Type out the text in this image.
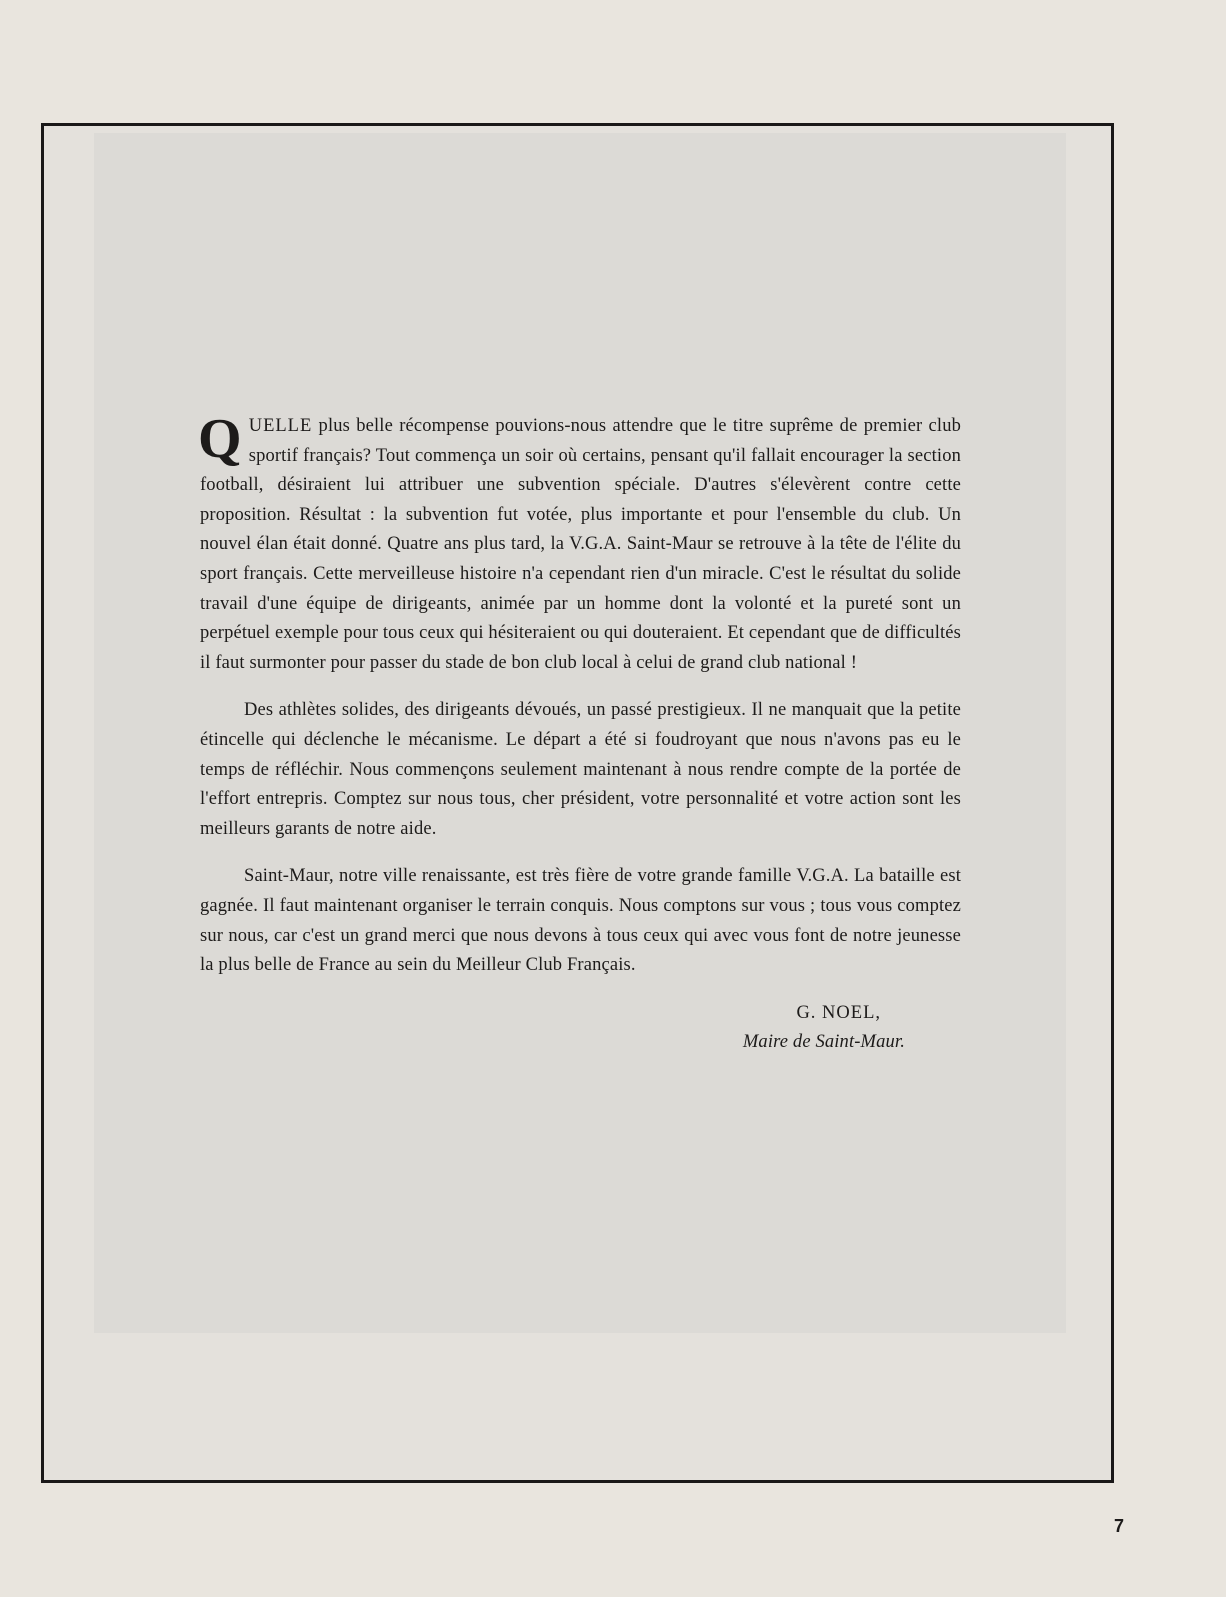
QUELLE plus belle récompense pouvions-nous attendre que le titre suprême de premier club sportif français? Tout commença un soir où certains, pensant qu'il fallait encourager la section football, désiraient lui attribuer une subvention spéciale. D'autres s'élevèrent contre cette proposition. Résultat : la subvention fut votée, plus importante et pour l'ensemble du club. Un nouvel élan était donné. Quatre ans plus tard, la V.G.A. Saint-Maur se retrouve à la tête de l'élite du sport français. Cette merveilleuse histoire n'a cependant rien d'un miracle. C'est le résultat du solide travail d'une équipe de dirigeants, animée par un homme dont la volonté et la pureté sont un perpétuel exemple pour tous ceux qui hésiteraient ou qui douteraient. Et cependant que de difficultés il faut surmonter pour passer du stade de bon club local à celui de grand club national !

Des athlètes solides, des dirigeants dévoués, un passé prestigieux. Il ne manquait que la petite étincelle qui déclenche le mécanisme. Le départ a été si foudroyant que nous n'avons pas eu le temps de réfléchir. Nous commençons seulement maintenant à nous rendre compte de la portée de l'effort entrepris. Comptez sur nous tous, cher président, votre personnalité et votre action sont les meilleurs garants de notre aide.

Saint-Maur, notre ville renaissante, est très fière de votre grande famille V.G.A. La bataille est gagnée. Il faut maintenant organiser le terrain conquis. Nous comptons sur vous ; tous vous comptez sur nous, car c'est un grand merci que nous devons à tous ceux qui avec vous font de notre jeunesse la plus belle de France au sein du Meilleur Club Français.

G. NOEL,
Maire de Saint-Maur.
7
